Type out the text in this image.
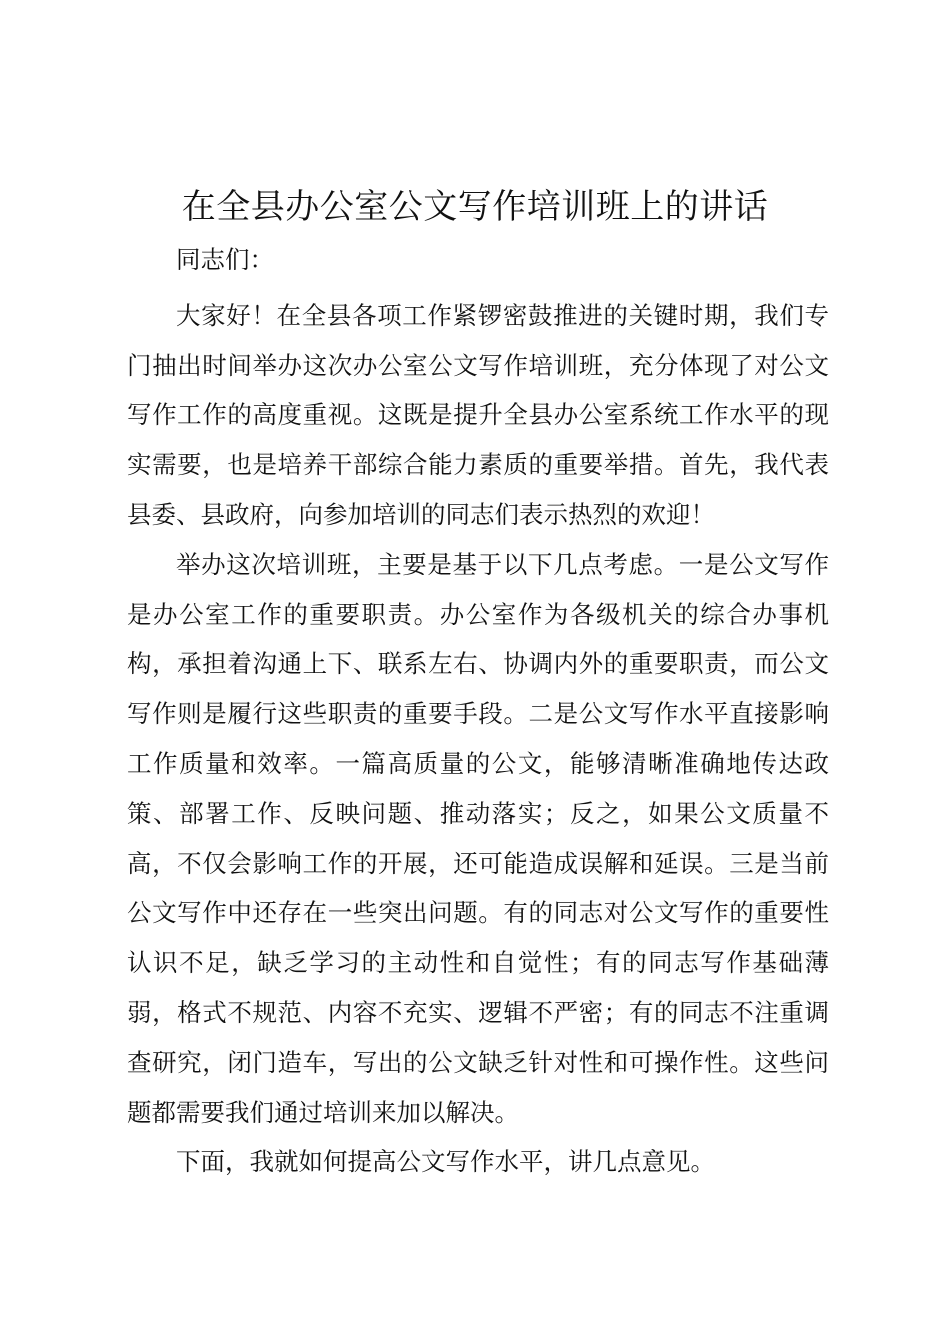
在全县办公室公文写作培训班上的讲话

同志们：

大家好！在全县各项工作紧锣密鼓推进的关键时期，我们专门抽出时间举办这次办公室公文写作培训班，充分体现了对公文写作工作的高度重视。这既是提升全县办公室系统工作水平的现实需要，也是培养干部综合能力素质的重要举措。首先，我代表县委、县政府，向参加培训的同志们表示热烈的欢迎！

举办这次培训班，主要是基于以下几点考虑。一是公文写作是办公室工作的重要职责。办公室作为各级机关的综合办事机构，承担着沟通上下、联系左右、协调内外的重要职责，而公文写作则是履行这些职责的重要手段。二是公文写作水平直接影响工作质量和效率。一篇高质量的公文，能够清晰准确地传达政策、部署工作、反映问题、推动落实；反之，如果公文质量不高，不仅会影响工作的开展，还可能造成误解和延误。三是当前公文写作中还存在一些突出问题。有的同志对公文写作的重要性认识不足，缺乏学习的主动性和自觉性；有的同志写作基础薄弱，格式不规范、内容不充实、逻辑不严密；有的同志不注重调查研究，闭门造车，写出的公文缺乏针对性和可操作性。这些问题都需要我们通过培训来加以解决。

下面，我就如何提高公文写作水平，讲几点意见。
